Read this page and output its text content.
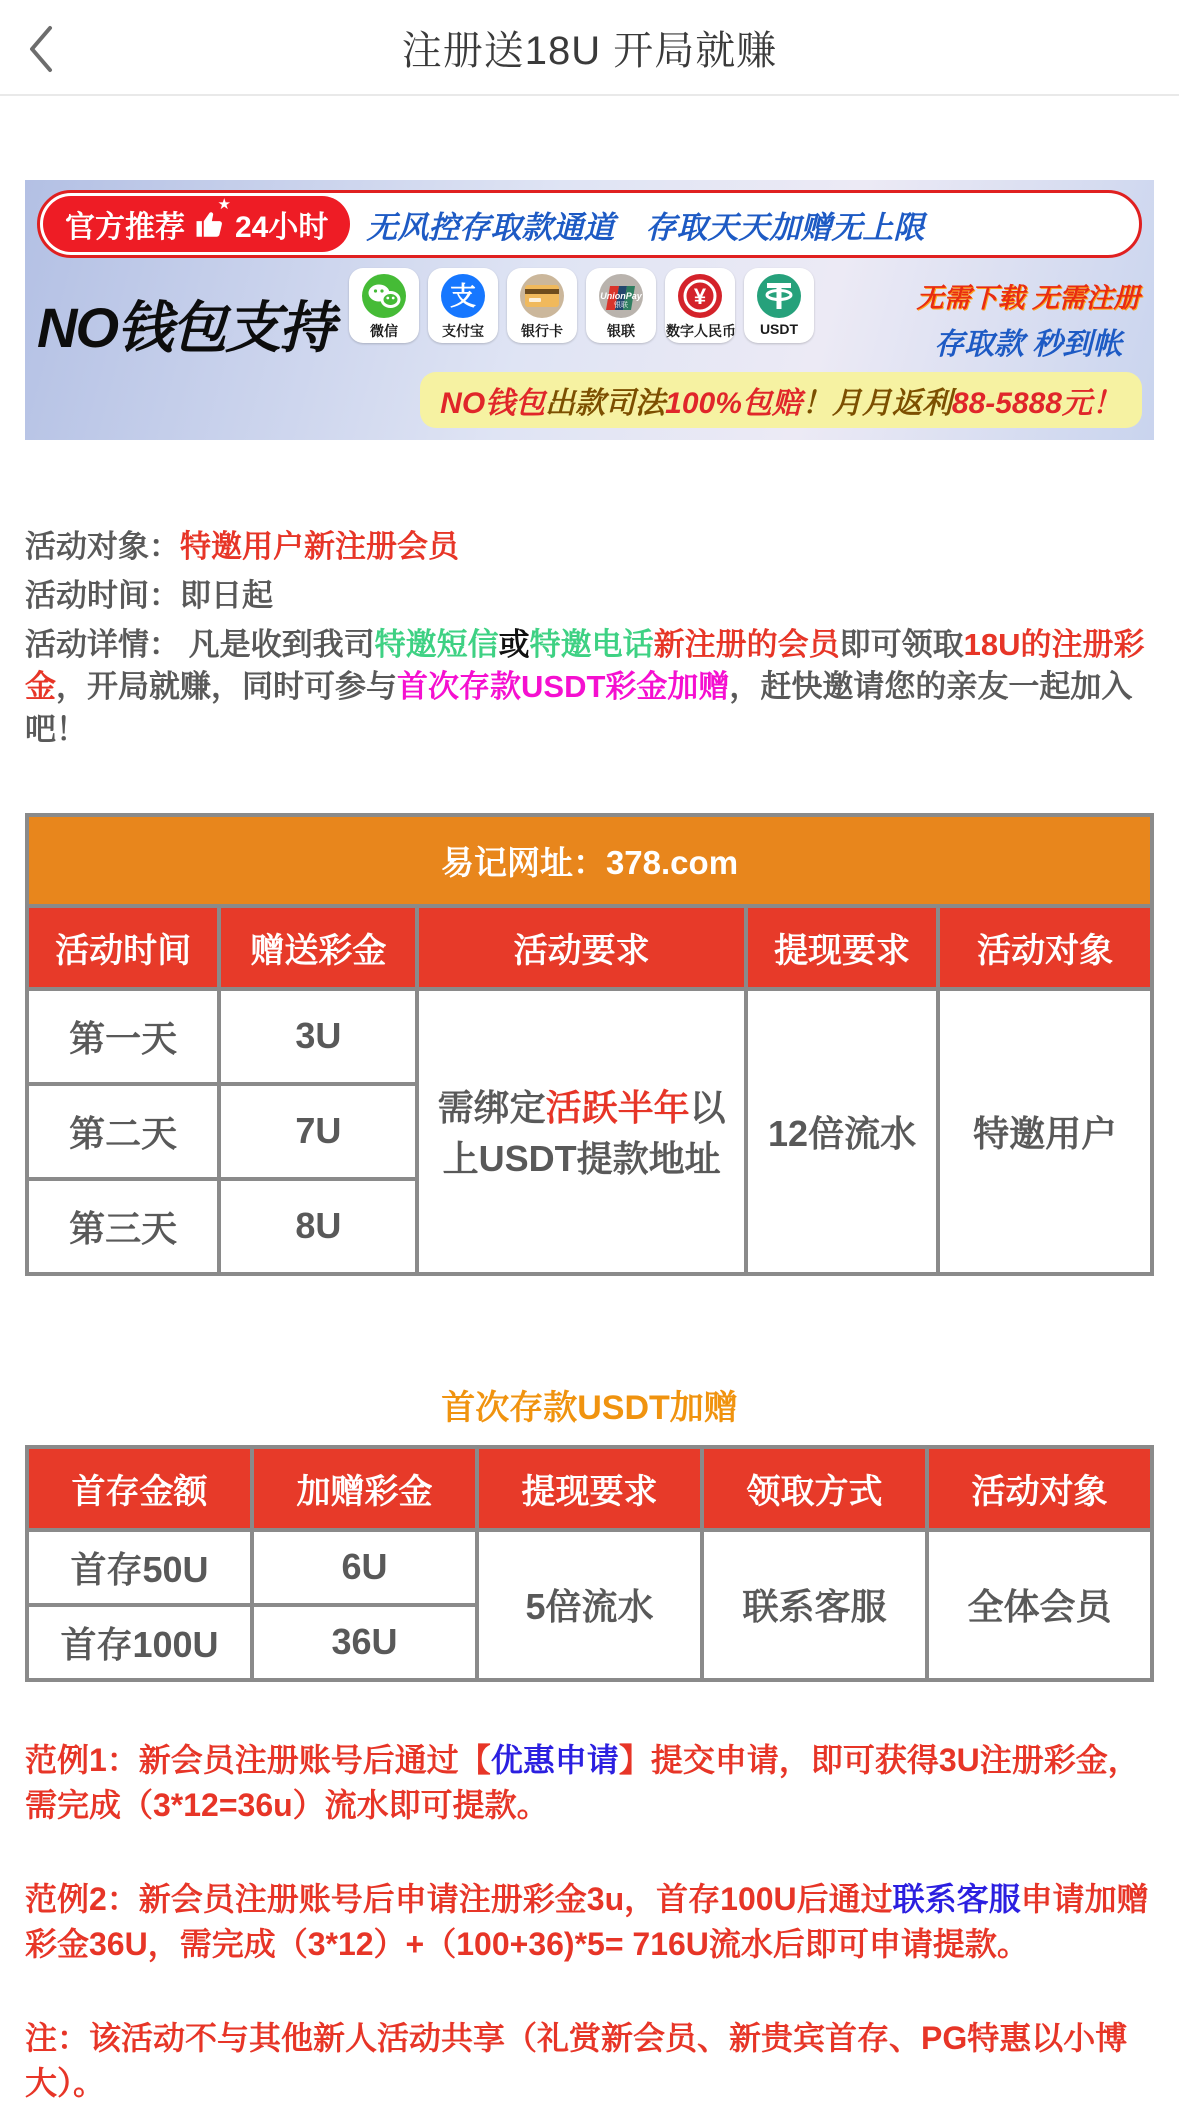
注册送18U 开局就赚
官方推荐
★
24小时 无风控存取款通道　存取天天加赠无上限
NO钱包支持	微信
支
支付宝	银行卡
UnionPay
银联
银联
¥
数字人民币	USDT
无需下载 无需注册
存取款 秒到帐
NO钱包出款司法100%包赔！月月返利88-5888元！
活动对象：特邀用户新注册会员
活动时间：即日起
活动详情： 凡是收到我司特邀短信或特邀电话新注册的会员即可领取18U的注册彩金，开局就赚，同时可参与首次存款USDT彩金加赠，赶快邀请您的亲友一起加入吧！
易记网址：378.com				
活动时间	赠送彩金	活动要求	提现要求	活动对象
第一天	3U	需绑定活跃半年以上USDT提款地址	12倍流水	特邀用户
第二天	7U			
第三天	8U			
首次存款USDT加赠
首存金额	加赠彩金	提现要求	领取方式	活动对象
首存50U	6U	5倍流水	联系客服	全体会员
首存100U	36U			

范例1：新会员注册账号后通过【优惠申请】提交申请，即可获得3U注册彩金，需完成（3*12=36u）流水即可提款。

范例2：新会员注册账号后申请注册彩金3u，首存100U后通过联系客服申请加赠彩金36U，需完成（3*12）+（100+36)*5= 716U流水后即可申请提款。

注：该活动不与其他新人活动共享（礼赏新会员、新贵宾首存、PG特惠以小博大）。
